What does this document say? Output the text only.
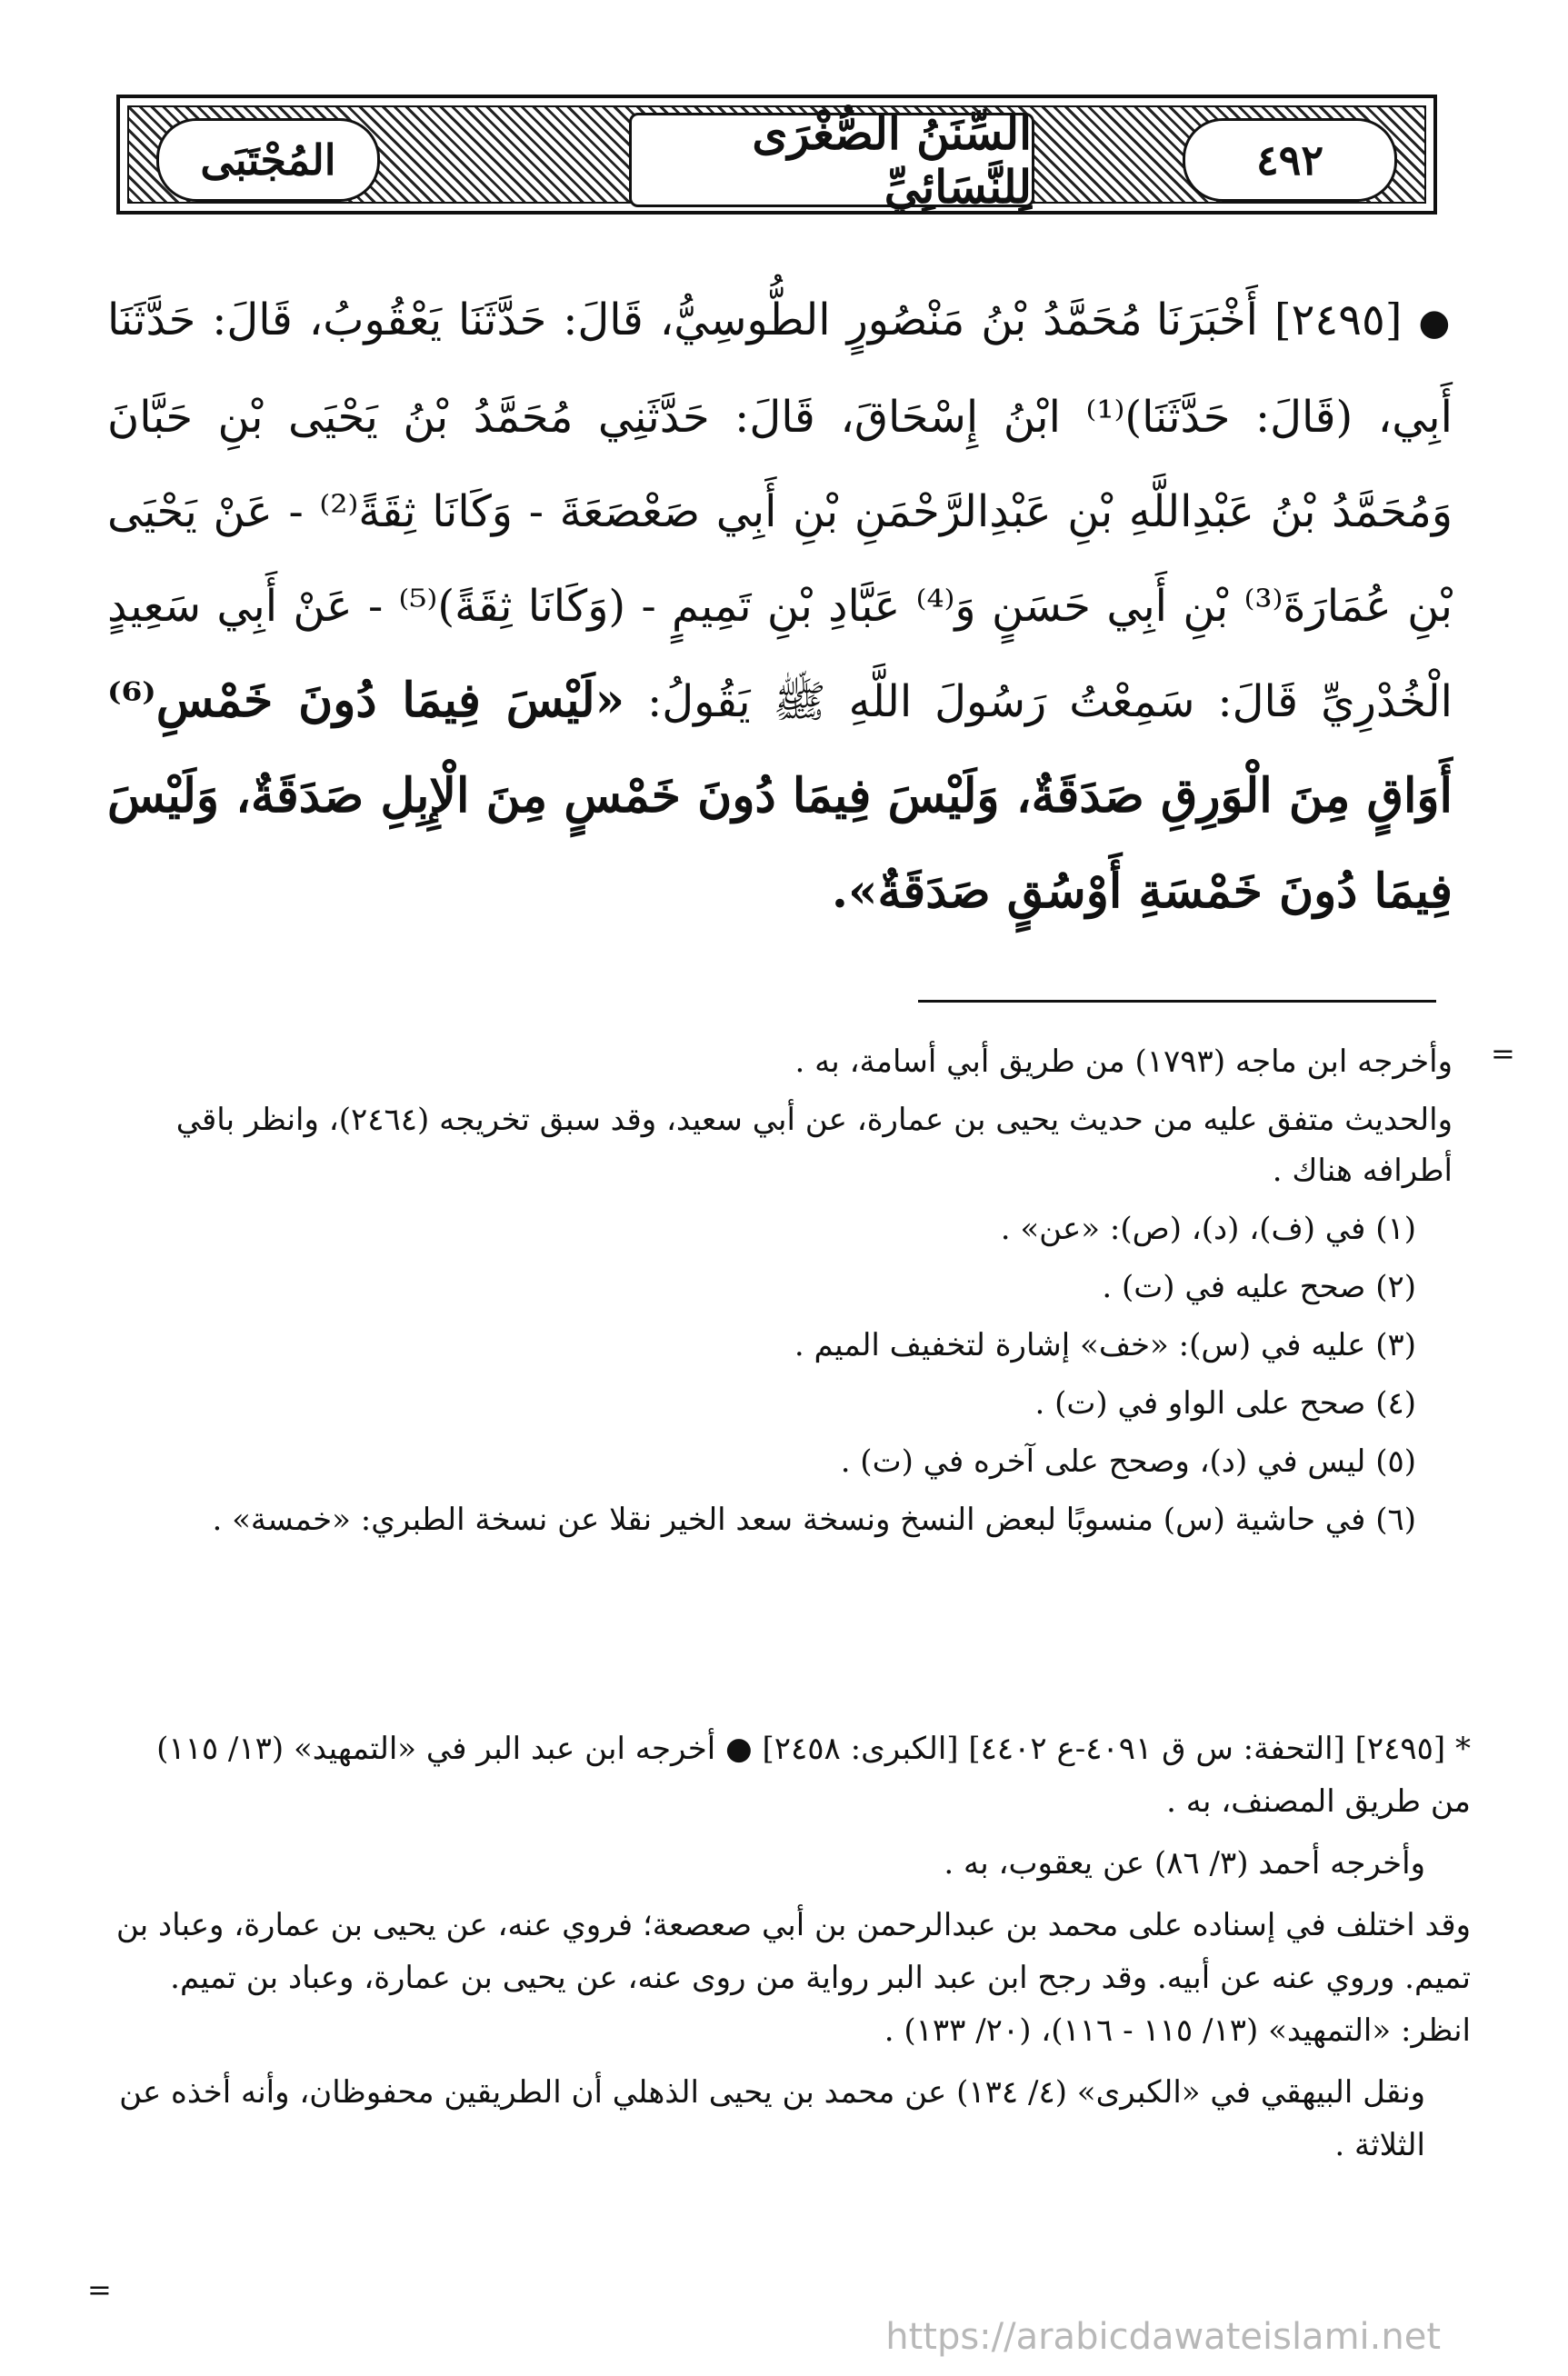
المُجْتَبَى	السِّنَنُ الصُّغْرَى لِلنَّسَائِيِّ	٤٩٢
● [٢٤٩٥] أَخْبَرَنَا مُحَمَّدُ بْنُ مَنْصُورٍ الطُّوسِيُّ، قَالَ: حَدَّثَنَا يَعْقُوبُ، قَالَ: حَدَّثَنَا أَبِي، (قَالَ: حَدَّثَنَا)⁽¹⁾ ابْنُ إِسْحَاقَ، قَالَ: حَدَّثَنِي مُحَمَّدُ بْنُ يَحْيَى بْنِ حَبَّانَ وَمُحَمَّدُ بْنُ عَبْدِاللَّهِ بْنِ عَبْدِالرَّحْمَنِ بْنِ أَبِي صَعْصَعَةَ - وَكَانَا ثِقَةً⁽²⁾ - عَنْ يَحْيَى بْنِ عُمَارَةَ⁽³⁾ بْنِ أَبِي حَسَنٍ وَ⁽⁴⁾ عَبَّادِ بْنِ تَمِيمٍ - (وَكَانَا ثِقَةً)⁽⁵⁾ - عَنْ أَبِي سَعِيدٍ الْخُدْرِيِّ قَالَ: سَمِعْتُ رَسُولَ اللَّهِ ﷺ يَقُولُ: «لَيْسَ فِيمَا دُونَ خَمْسِ⁽⁶⁾ أَوَاقٍ مِنَ الْوَرِقِ صَدَقَةٌ، وَلَيْسَ فِيمَا دُونَ خَمْسٍ مِنَ الْإِبِلِ صَدَقَةٌ، وَلَيْسَ فِيمَا دُونَ خَمْسَةِ أَوْسُقٍ صَدَقَةٌ».
=

وأخرجه ابن ماجه (١٧٩٣) من طريق أبي أسامة، به .

والحديث متفق عليه من حديث يحيى بن عمارة، عن أبي سعيد، وقد سبق تخريجه (٢٤٦٤)، وانظر باقي أطرافه هناك .

(١) في (ف)، (د)، (ص): «عن» .

(٢) صحح عليه في (ت) .

(٣) عليه في (س): «خف» إشارة لتخفيف الميم .

(٤) صحح على الواو في (ت) .

(٥) ليس في (د)، وصحح على آخره في (ت) .

(٦) في حاشية (س) منسوبًا لبعض النسخ ونسخة سعد الخير نقلا عن نسخة الطبري: «خمسة» .

* [٢٤٩٥] [التحفة: س ق ٤٠٩١-ع ٤٤٠٢] [الكبرى: ٢٤٥٨] ● أخرجه ابن عبد البر في «التمهيد» (١٣/ ١١٥) من طريق المصنف، به .

وأخرجه أحمد (٣/ ٨٦) عن يعقوب، به .

وقد اختلف في إسناده على محمد بن عبدالرحمن بن أبي صعصعة؛ فروي عنه، عن يحيى بن عمارة، وعباد بن تميم. وروي عنه عن أبيه. وقد رجح ابن عبد البر رواية من روى عنه، عن يحيى بن عمارة، وعباد بن تميم. انظر: «التمهيد» (١٣/ ١١٥ - ١١٦)، (٢٠/ ١٣٣) .

ونقل البيهقي في «الكبرى» (٤/ ١٣٤) عن محمد بن يحيى الذهلي أن الطريقين محفوظان، وأنه أخذه عن الثلاثة .

=
https://arabicdawateislami.net
